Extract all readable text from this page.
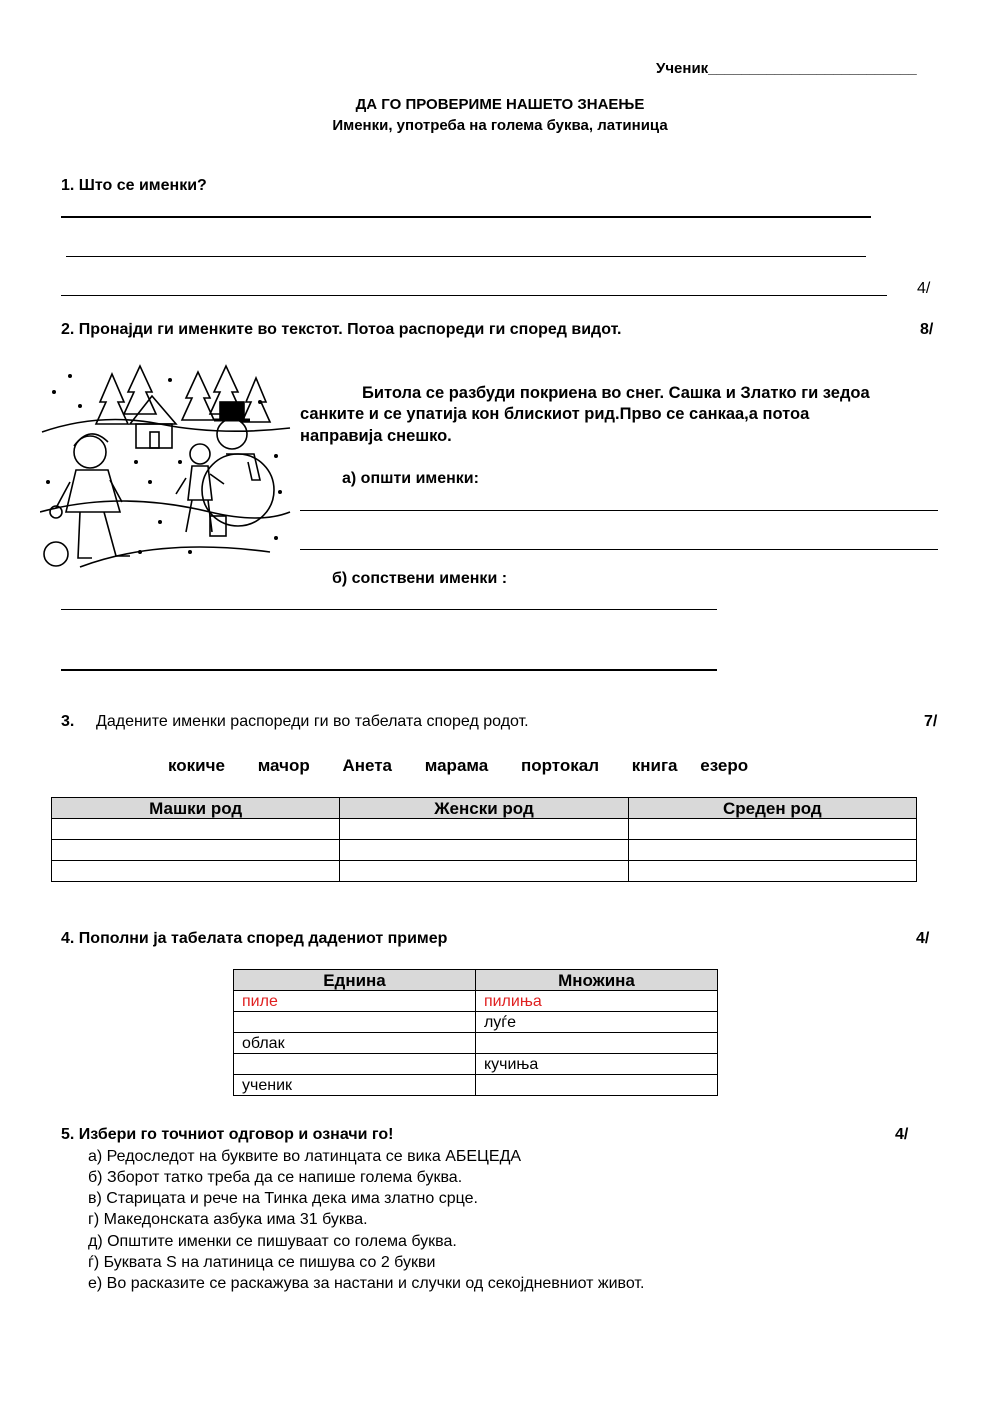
Ученик_________________________
ДА ГО ПРОВЕРИМЕ НАШЕТО ЗНАЕЊЕ
Именки, употреба на голема буква, латиница
1. Што се именки?
4/
2. Пронајди ги именките во текстот. Потоа распореди ги според видот.	8/
Битола се разбуди покриена во снег. Сашка и Златко ги зедоа
санките и се упатија кон блискиот рид.Прво се санкаа,а потоа
направија снешко.
а) општи именки:
б) сопствени именки :
3. Дадените именки распореди ги во табелата според родот.	7/
кокиче мачор Анета марама портокал книга езеро
Машки род	Женски род	Среден род

4. Пополни ја табелата според дадениот пример	4/
Еднина	Множина
пиле	пилиња
	луѓе
облак	
	кучиња
ученик	
5. Избери го точниот одговор и означи го!	4/
а) Редоследот на буквите во латинцата се вика АБЕЦЕДА
б) Зборот татко треба да се напише голема буква.
в) Старицата и рече на Тинка дека има златно срце.
г) Македонската азбука има 31 буква.
д) Општите именки се пишуваат со голема буква.
ѓ) Буквата S на латиница се пишува со 2 букви
е) Во расказите се раскажува за настани и случки од секојдневниот живот.
